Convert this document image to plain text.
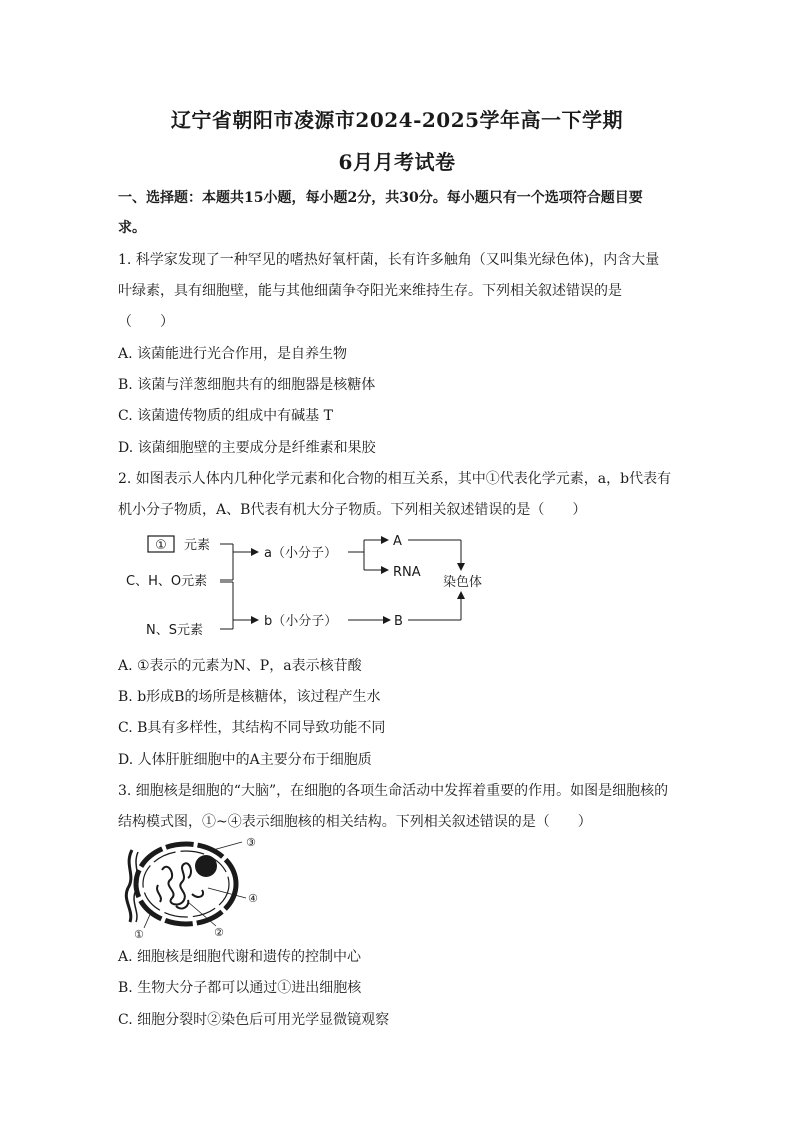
辽宁省朝阳市凌源市2024-2025学年高一下学期
6月月考试卷
一、选择题：本题共15小题，每小题2分，共30分。每小题只有一个选项符合题目要
求。
1. 科学家发现了一种罕见的嗜热好氧杆菌，长有许多触角（又叫集光绿色体)，内含大量
叶绿素，具有细胞壁，能与其他细菌争夺阳光来维持生存。下列相关叙述错误的是
（　　）
A. 该菌能进行光合作用，是自养生物
B. 该菌与洋葱细胞共有的细胞器是核糖体
C. 该菌遗传物质的组成中有碱基 T
D. 该菌细胞壁的主要成分是纤维素和果胶
2. 如图表示人体内几种化学元素和化合物的相互关系，其中①代表化学元素，a，b代表有
机小分子物质，A、B代表有机大分子物质。下列相关叙述错误的是（　　）
① 元素
C、H、O元素
N、S元素
a（小分子）
b（小分子）
A
RNA
B
染色体
A. ①表示的元素为N、P，a表示核苷酸
B. b形成B的场所是核糖体，该过程产生水
C. B具有多样性，其结构不同导致功能不同
D. 人体肝脏细胞中的A主要分布于细胞质
3. 细胞核是细胞的“大脑”，在细胞的各项生命活动中发挥着重要的作用。如图是细胞核的
结构模式图，①~④表示细胞核的相关结构。下列相关叙述错误的是（　　）
③
④
②
①
A. 细胞核是细胞代谢和遗传的控制中心
B. 生物大分子都可以通过①进出细胞核
C. 细胞分裂时②染色后可用光学显微镜观察
